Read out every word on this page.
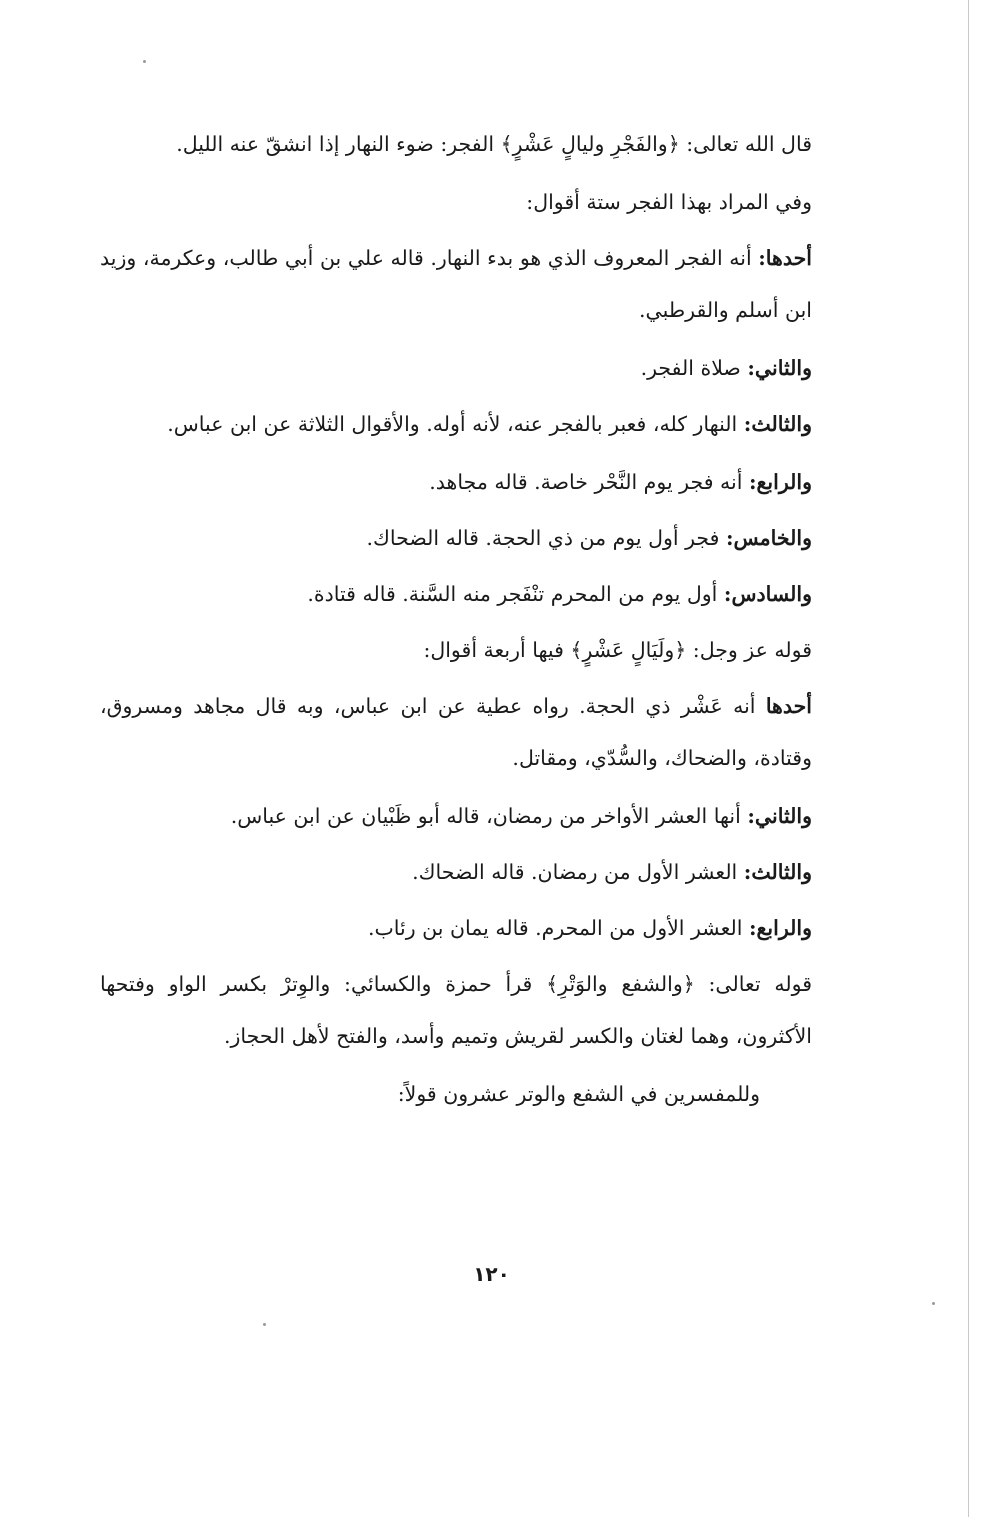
قال الله تعالى: ﴿والفَجْرِ وليالٍ عَشْرٍ﴾ الفجر: ضوء النهار إذا انشقّ عنه الليل.

وفي المراد بهذا الفجر ستة أقوال:

أحدها: أنه الفجر المعروف الذي هو بدء النهار. قاله علي بن أبي طالب، وعكرمة، وزيد ابن أسلم والقرطبي.

والثاني: صلاة الفجر.

والثالث: النهار كله، فعبر بالفجر عنه، لأنه أوله. والأقوال الثلاثة عن ابن عباس.

والرابع: أنه فجر يوم النَّحْر خاصة. قاله مجاهد.

والخامس: فجر أول يوم من ذي الحجة. قاله الضحاك.

والسادس: أول يوم من المحرم تنْفَجر منه السَّنة. قاله قتادة.

قوله عز وجل: ﴿ولَيَالٍ عَشْرٍ﴾ فيها أربعة أقوال:

أحدها أنه عَشْر ذي الحجة. رواه عطية عن ابن عباس، وبه قال مجاهد ومسروق، وقتادة، والضحاك، والسُّدّي، ومقاتل.

والثاني: أنها العشر الأواخر من رمضان، قاله أبو ظَبْيان عن ابن عباس.

والثالث: العشر الأول من رمضان. قاله الضحاك.

والرابع: العشر الأول من المحرم. قاله يمان بن رئاب.

قوله تعالى: ﴿والشفع والوَتْرِ﴾ قرأ حمزة والكسائي: والوِترْ بكسر الواو وفتحها الأكثرون، وهما لغتان والكسر لقريش وتميم وأسد، والفتح لأهل الحجاز.

وللمفسرين في الشفع والوتر عشرون قولاً:

١٢٠
